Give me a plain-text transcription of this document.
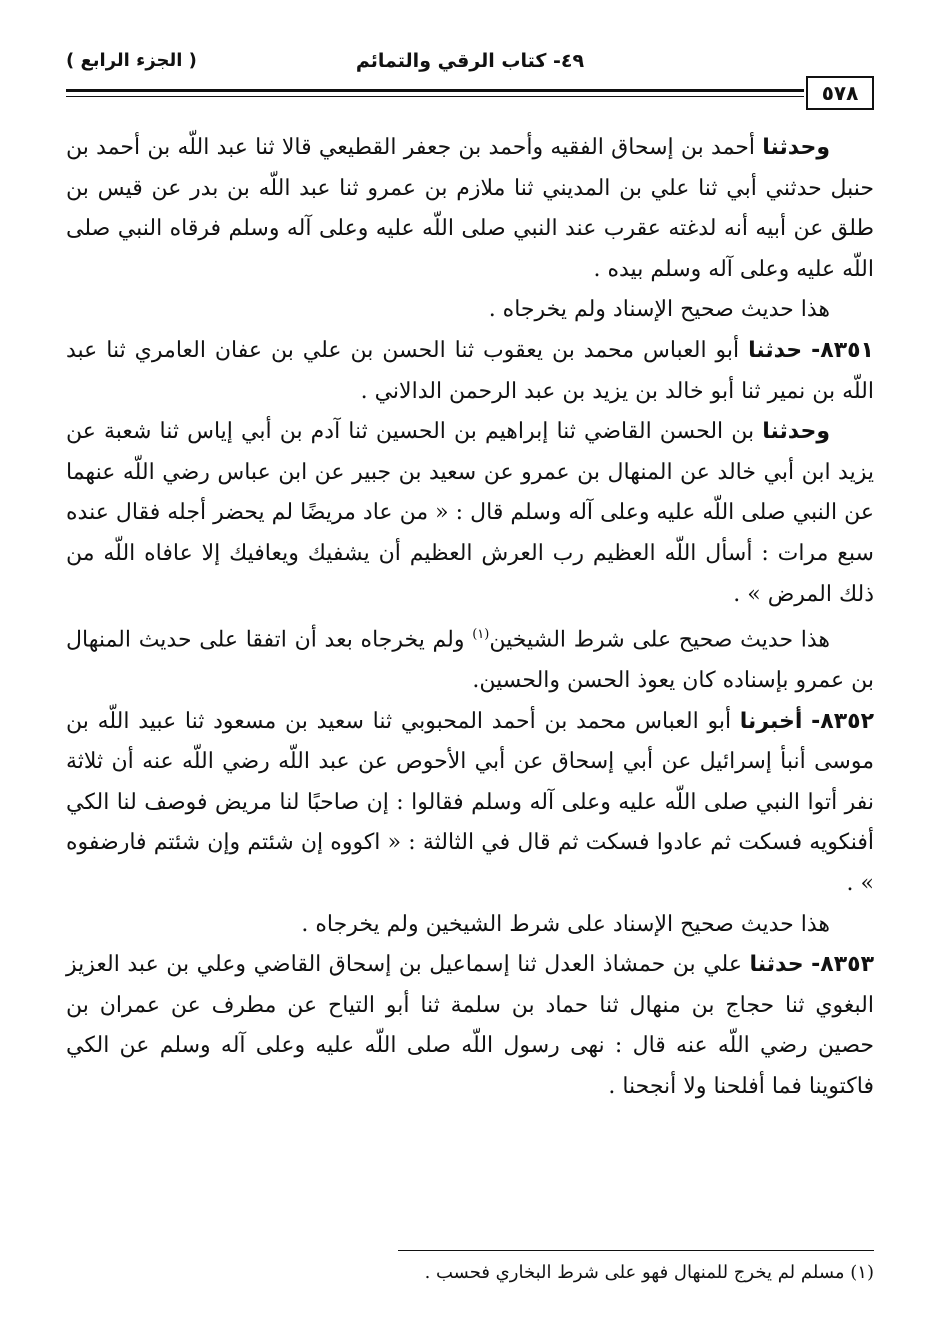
( الجزء الرابع )	٤٩- كتاب الرقي والتمائم
٥٧٨

وحدثنا أحمد بن إسحاق الفقيه وأحمد بن جعفر القطيعي قالا ثنا عبد اللّه بن أحمد بن حنبل حدثني أبي ثنا علي بن المديني ثنا ملازم بن عمرو ثنا عبد اللّه بن بدر عن قيس بن طلق عن أبيه أنه لدغته عقرب عند النبي صلى اللّه عليه وعلى آله وسلم فرقاه النبي صلى اللّه عليه وعلى آله وسلم بيده .

هذا حديث صحيح الإسناد ولم يخرجاه .

٨٣٥١- حدثنا أبو العباس محمد بن يعقوب ثنا الحسن بن علي بن عفان العامري ثنا عبد اللّه بن نمير ثنا أبو خالد بن يزيد بن عبد الرحمن الدالاني .

وحدثنا بن الحسن القاضي ثنا إبراهيم بن الحسين ثنا آدم بن أبي إياس ثنا شعبة عن يزيد ابن أبي خالد عن المنهال بن عمرو عن سعيد بن جبير عن ابن عباس رضي اللّه عنهما عن النبي صلى اللّه عليه وعلى آله وسلم قال : « من عاد مريضًا لم يحضر أجله فقال عنده سبع مرات : أسأل اللّه العظيم رب العرش العظيم أن يشفيك ويعافيك إلا عافاه اللّه من ذلك المرض » .

هذا حديث صحيح على شرط الشيخين$^{(١)}$ ولم يخرجاه بعد أن اتفقا على حديث المنهال بن عمرو بإسناده كان يعوذ الحسن والحسين.

٨٣٥٢- أخبرنا أبو العباس محمد بن أحمد المحبوبي ثنا سعيد بن مسعود ثنا عبيد اللّه بن موسى أنبأ إسرائيل عن أبي إسحاق عن أبي الأحوص عن عبد اللّه رضي اللّه عنه أن ثلاثة نفر أتوا النبي صلى اللّه عليه وعلى آله وسلم فقالوا : إن صاحبًا لنا مريض فوصف لنا الكي أفنكويه فسكت ثم عادوا فسكت ثم قال في الثالثة : « اكووه إن شئتم وإن شئتم فارضفوه » .

هذا حديث صحيح الإسناد على شرط الشيخين ولم يخرجاه .

٨٣٥٣- حدثنا علي بن حمشاذ العدل ثنا إسماعيل بن إسحاق القاضي وعلي بن عبد العزيز البغوي ثنا حجاج بن منهال ثنا حماد بن سلمة ثنا أبو التياح عن مطرف عن عمران بن حصين رضي اللّه عنه قال : نهى رسول اللّه صلى اللّه عليه وعلى آله وسلم عن الكي فاكتوينا فما أفلحنا ولا أنجحنا .

(١) مسلم لم يخرج للمنهال فهو على شرط البخاري فحسب .
